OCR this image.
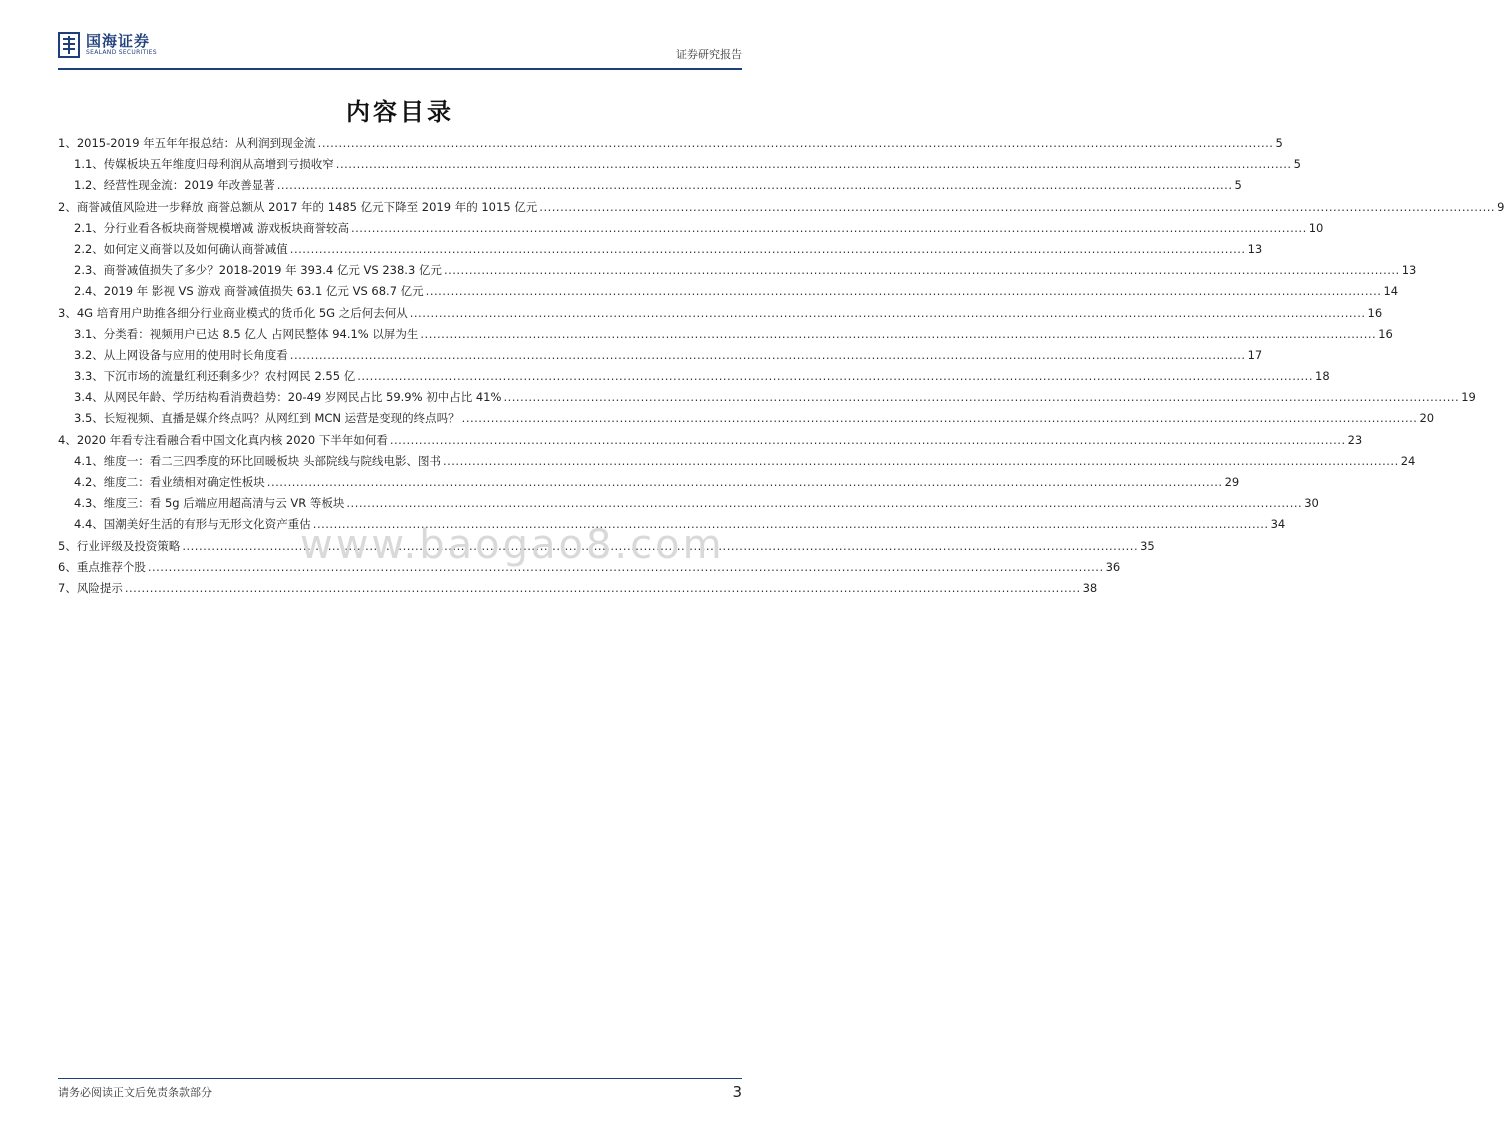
国海证券
SEALAND SECURITIES	证券研究报告
内容目录
1、 2015-2019 年五年年报总结：从利润到现金流 .....	5
1.1、 传媒板块五年维度归母利润从高增到亏损收窄 .....	5
1.2、 经营性现金流：2019 年改善显著 .....	5
2、 商誉减值风险进一步释放 商誉总额从 2017 年的 1485 亿元下降至 2019 年的 1015 亿元 .....	9
2.1、 分行业看各板块商誉规模增减 游戏板块商誉较高 .....	10
2.2、 如何定义商誉以及如何确认商誉减值 .....	13
2.3、 商誉减值损失了多少？2018-2019 年 393.4 亿元 VS 238.3 亿元 .....	13
2.4、 2019 年 影视 VS 游戏 商誉减值损失 63.1 亿元 VS 68.7 亿元 .....	14
3、 4G 培育用户助推各细分行业商业模式的货币化 5G 之后何去何从 .....	16
3.1、 分类看：视频用户已达 8.5 亿人 占网民整体 94.1% 以屏为生 .....	16
3.2、 从上网设备与应用的使用时长角度看 .....	17
3.3、 下沉市场的流量红利还剩多少？农村网民 2.55 亿 .....	18
3.4、 从网民年龄、学历结构看消费趋势：20-49 岁网民占比 59.9% 初中占比 41% .....	19
3.5、 长短视频、直播是媒介终点吗？从网红到 MCN 运营是变现的终点吗？ .....	20
4、 2020 年看专注看融合看中国文化真内核 2020 下半年如何看 .....	23
4.1、 维度一：看二三四季度的环比回暖板块 头部院线与院线电影、图书 .....	24
4.2、 维度二：看业绩相对确定性板块 .....	29
4.3、 维度三：看 5g 后端应用超高清与云 VR 等板块 .....	30
4.4、 国潮美好生活的有形与无形文化资产重估 .....	34
5、 行业评级及投资策略 .....	35
6、 重点推荐个股 .....	36
7、 风险提示 .....	38
www.baogao8.com
请务必阅读正文后免责条款部分	3
